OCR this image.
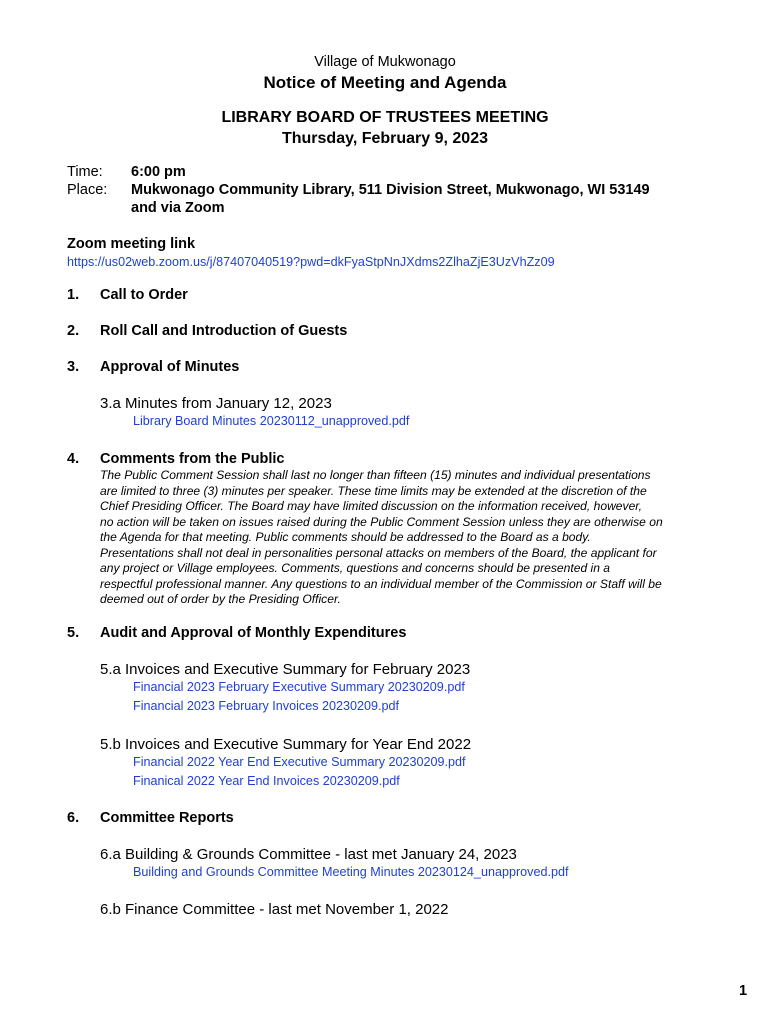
Village of Mukwonago
Notice of Meeting and Agenda
LIBRARY BOARD OF TRUSTEES MEETING
Thursday, February 9, 2023
Time: 6:00 pm
Place: Mukwonago Community Library, 511 Division Street, Mukwonago, WI 53149
and via Zoom
Zoom meeting link
https://us02web.zoom.us/j/87407040519?pwd=dkFyaStpNnJXdms2ZlhaZjE3UzVhZz09
1. Call to Order
2. Roll Call and Introduction of Guests
3. Approval of Minutes
3.a Minutes from January 12, 2023
Library Board Minutes 20230112_unapproved.pdf
4. Comments from the Public
The Public Comment Session shall last no longer than fifteen (15) minutes and individual presentations
are limited to three (3) minutes per speaker. These time limits may be extended at the discretion of the
Chief Presiding Officer. The Board may have limited discussion on the information received, however,
no action will be taken on issues raised during the Public Comment Session unless they are otherwise on
the Agenda for that meeting. Public comments should be addressed to the Board as a body.
Presentations shall not deal in personalities personal attacks on members of the Board, the applicant for
any project or Village employees. Comments, questions and concerns should be presented in a
respectful professional manner. Any questions to an individual member of the Commission or Staff will be
deemed out of order by the Presiding Officer.
5. Audit and Approval of Monthly Expenditures
5.a Invoices and Executive Summary for February 2023
Financial 2023 February Executive Summary 20230209.pdf
Financial 2023 February Invoices 20230209.pdf
5.b Invoices and Executive Summary for Year End 2022
Financial 2022 Year End Executive Summary 20230209.pdf
Finanical 2022 Year End Invoices 20230209.pdf
6. Committee Reports
6.a Building & Grounds Committee - last met January 24, 2023
Building and Grounds Committee Meeting Minutes 20230124_unapproved.pdf
6.b Finance Committee - last met November 1, 2022
1
